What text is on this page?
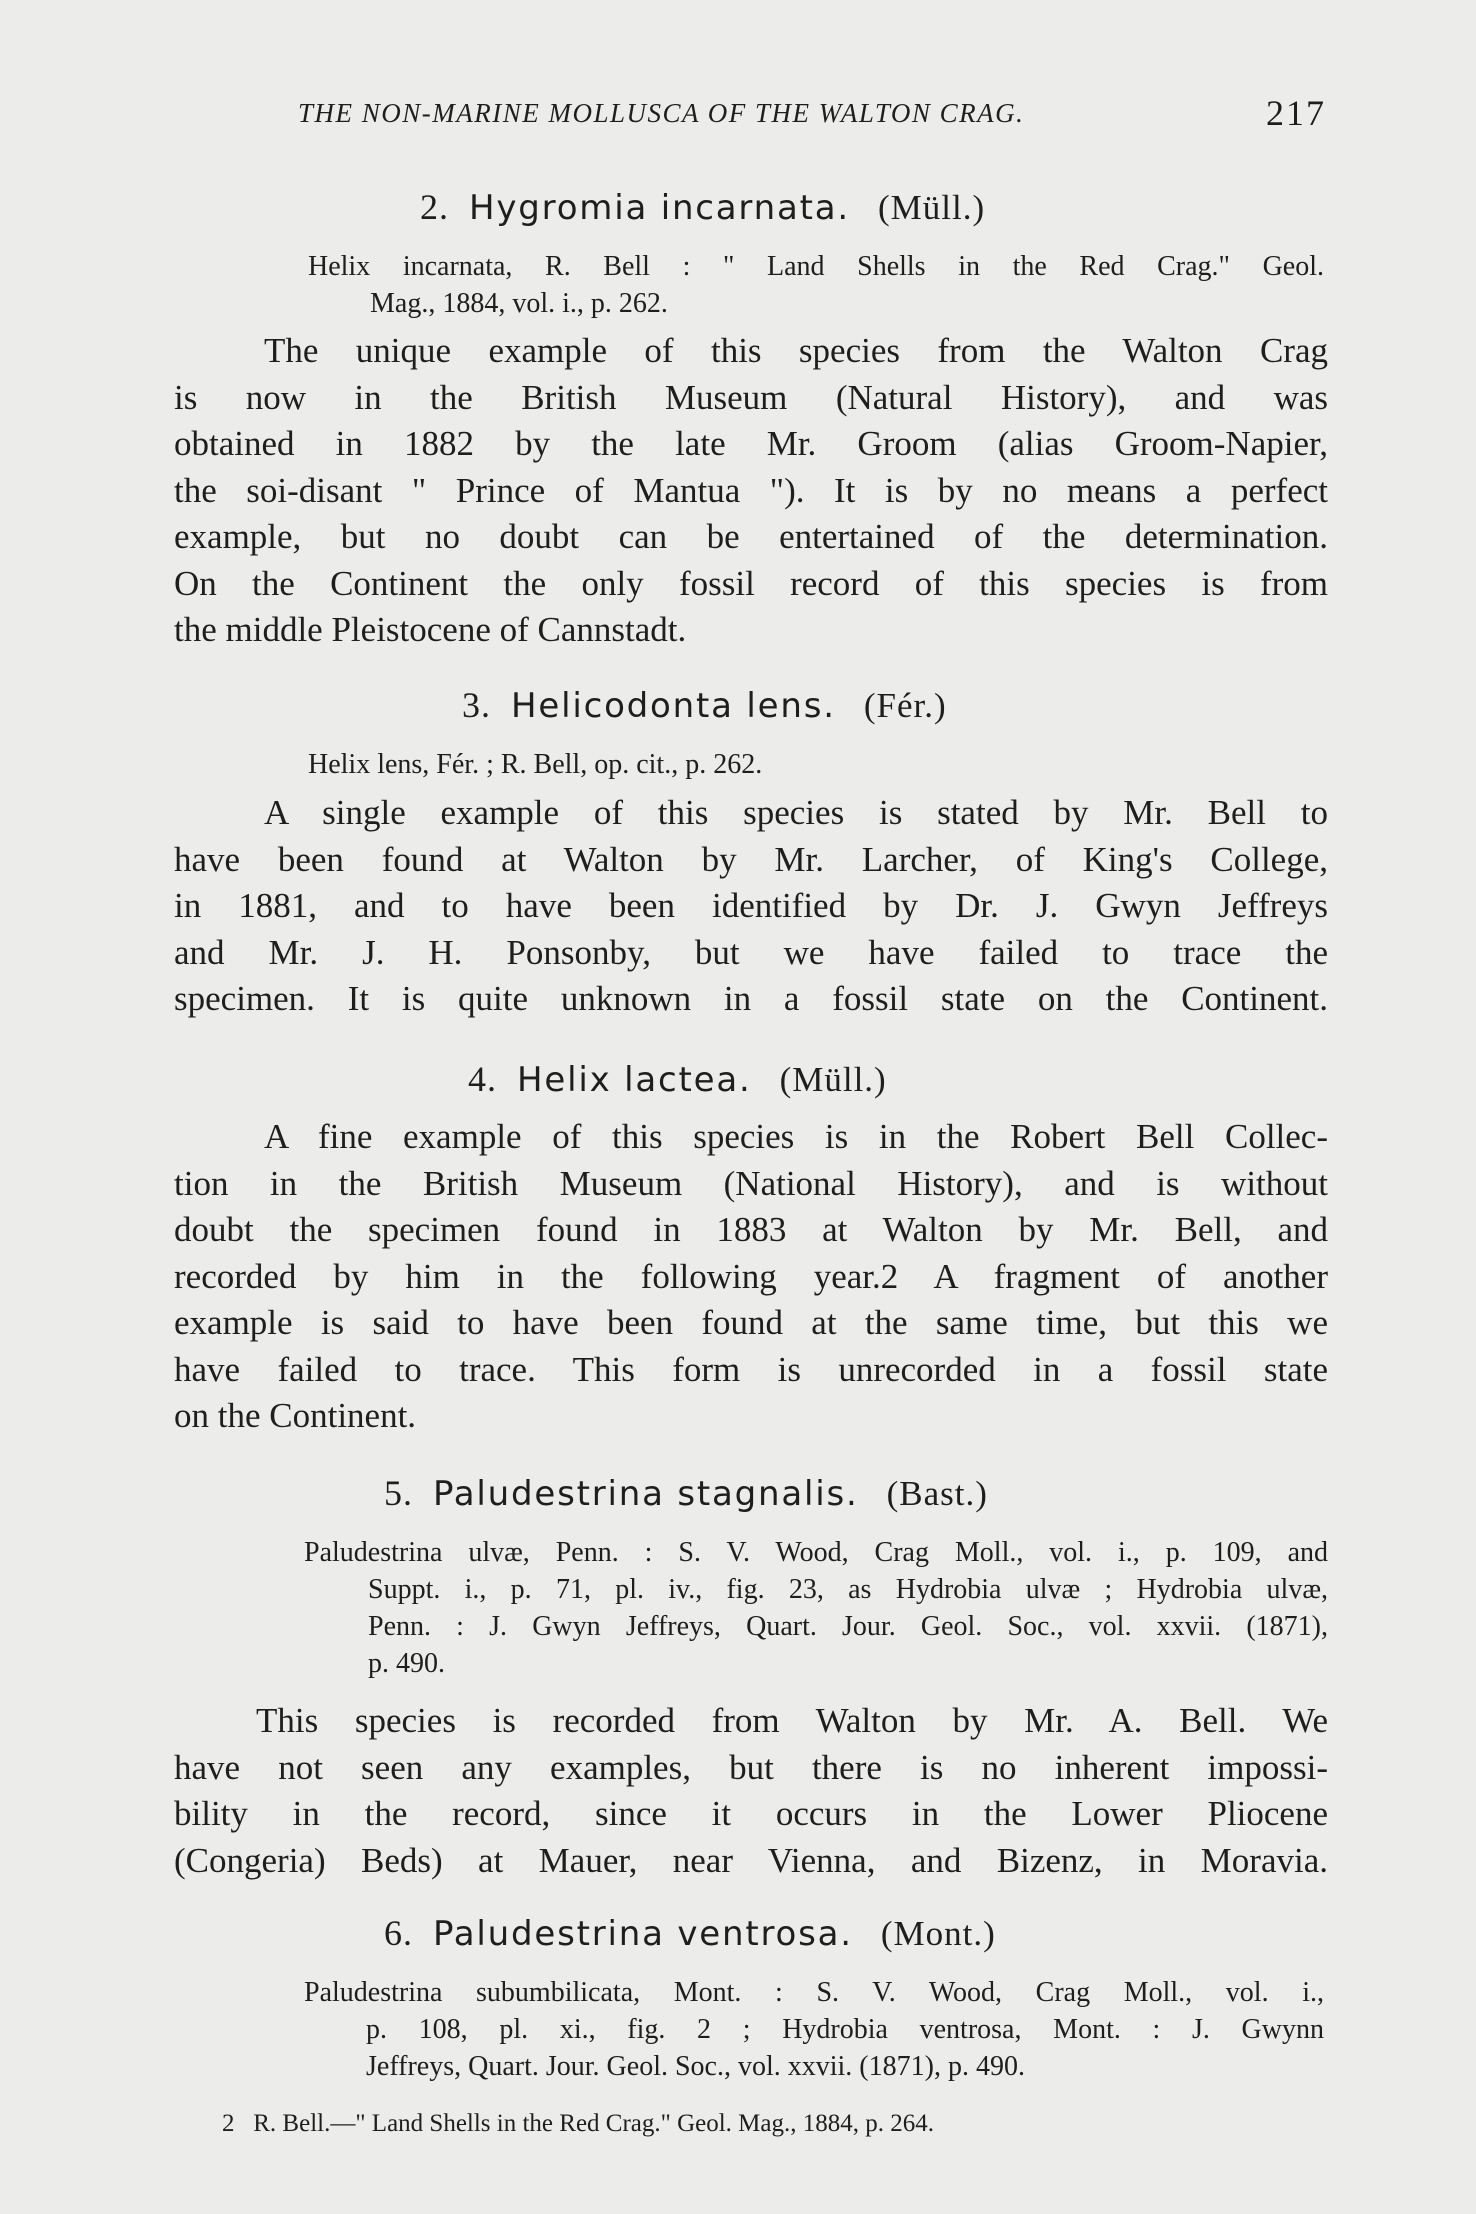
THE NON-MARINE MOLLUSCA OF THE WALTON CRAG.	217
2. Hygromia incarnata. (Müll.)
Helix incarnata, R. Bell : " Land Shells in the Red Crag." Geol.
Mag., 1884, vol. i., p. 262.
The unique example of this species from the Walton Crag
is now in the British Museum (Natural History), and was
obtained in 1882 by the late Mr. Groom (alias Groom-Napier,
the soi-disant " Prince of Mantua "). It is by no means a perfect
example, but no doubt can be entertained of the determination.
On the Continent the only fossil record of this species is from
the middle Pleistocene of Cannstadt.
3. Helicodonta lens. (Fér.)
Helix lens, Fér. ; R. Bell, op. cit., p. 262.
A single example of this species is stated by Mr. Bell to
have been found at Walton by Mr. Larcher, of King's College,
in 1881, and to have been identified by Dr. J. Gwyn Jeffreys
and Mr. J. H. Ponsonby, but we have failed to trace the
specimen. It is quite unknown in a fossil state on the Continent.
4. Helix lactea. (Müll.)
A fine example of this species is in the Robert Bell Collec-
tion in the British Museum (National History), and is without
doubt the specimen found in 1883 at Walton by Mr. Bell, and
recorded by him in the following year.2 A fragment of another
example is said to have been found at the same time, but this we
have failed to trace. This form is unrecorded in a fossil state
on the Continent.
5. Paludestrina stagnalis. (Bast.)
Paludestrina ulvæ, Penn. : S. V. Wood, Crag Moll., vol. i., p. 109, and
Suppt. i., p. 71, pl. iv., fig. 23, as Hydrobia ulvæ ; Hydrobia ulvæ,
Penn. : J. Gwyn Jeffreys, Quart. Jour. Geol. Soc., vol. xxvii. (1871),
p. 490.
This species is recorded from Walton by Mr. A. Bell. We
have not seen any examples, but there is no inherent impossi-
bility in the record, since it occurs in the Lower Pliocene
(Congeria) Beds) at Mauer, near Vienna, and Bizenz, in Moravia.
6. Paludestrina ventrosa. (Mont.)
Paludestrina subumbilicata, Mont. : S. V. Wood, Crag Moll., vol. i.,
p. 108, pl. xi., fig. 2 ; Hydrobia ventrosa, Mont. : J. Gwynn
Jeffreys, Quart. Jour. Geol. Soc., vol. xxvii. (1871), p. 490.
2 R. Bell.—" Land Shells in the Red Crag." Geol. Mag., 1884, p. 264.
